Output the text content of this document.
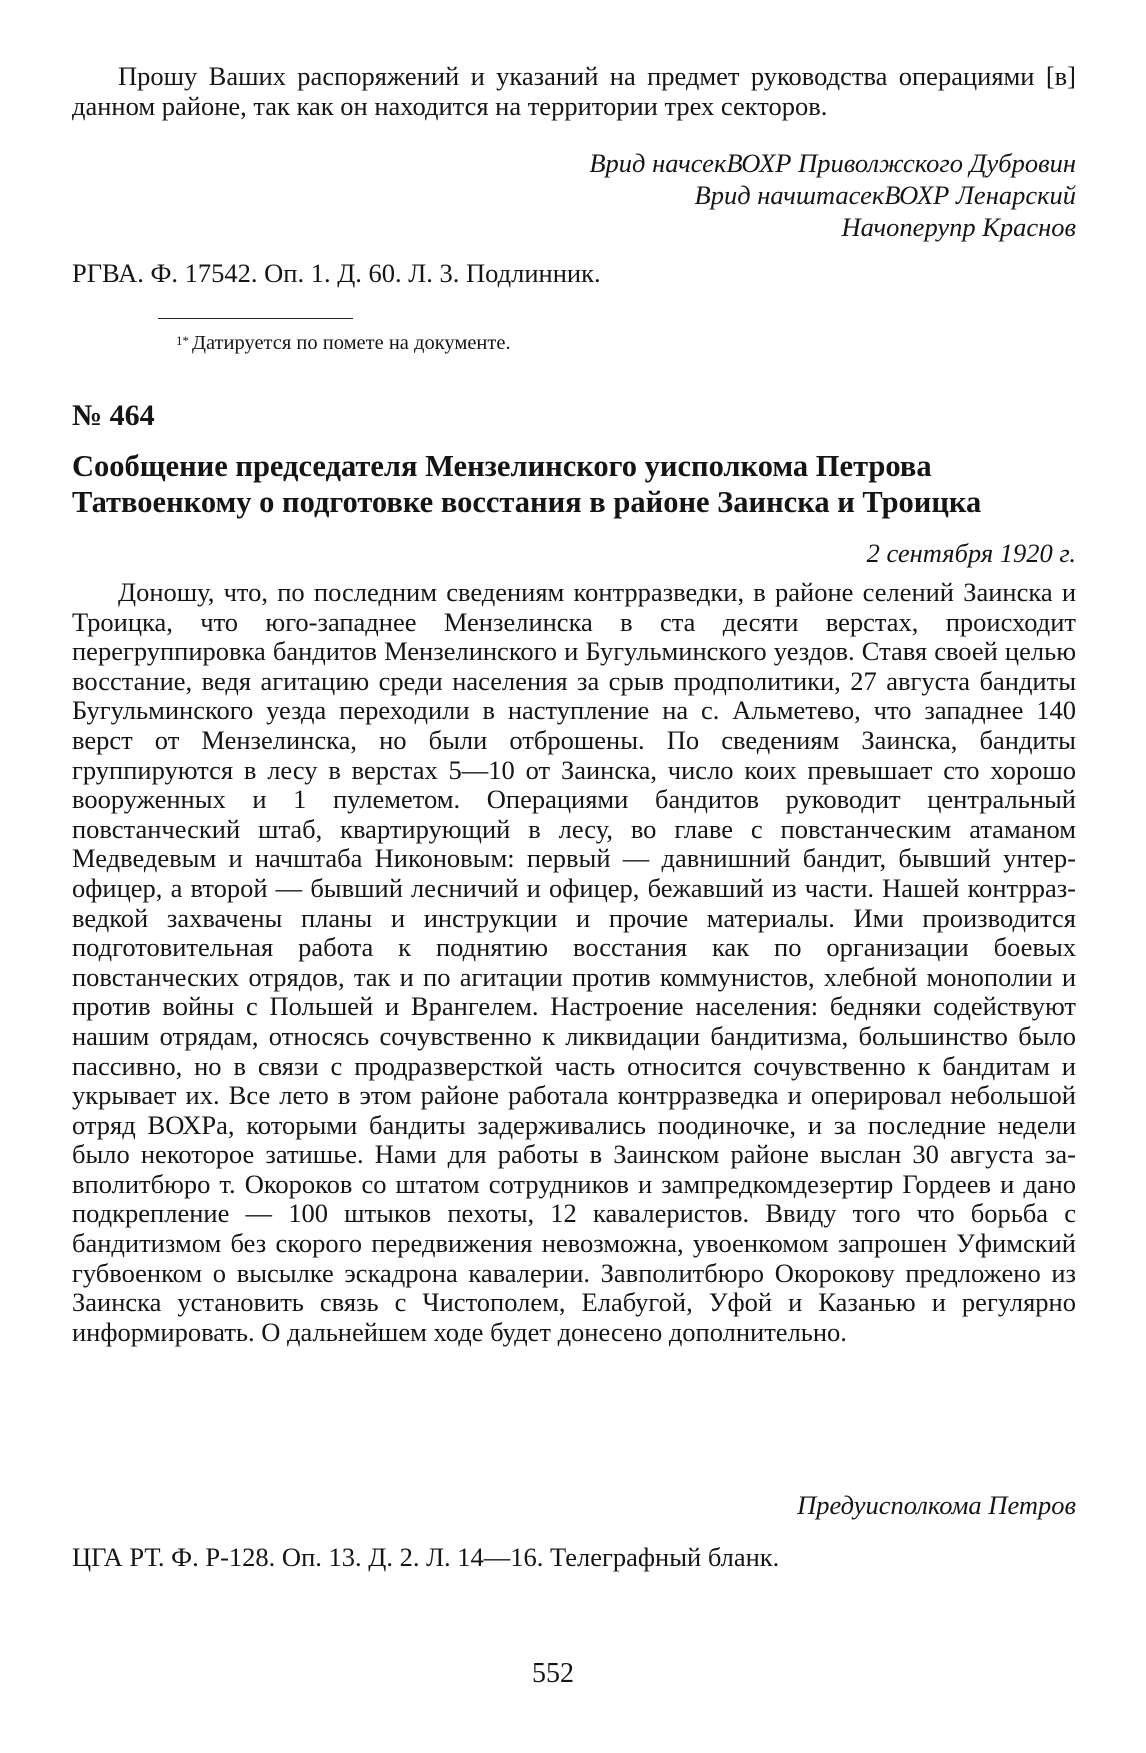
Прошу Ваших распоряжений и указаний на предмет руководства операциями [в] данном районе, так как он находится на территории трех секторов.

Врид начсекВОХР Приволжского Дубровин
Врид начштасекВОХР Ленарский
Начоперупр Краснов
РГВА. Ф. 17542. Оп. 1. Д. 60. Л. 3. Подлинник.
$^{1*}$ Датируется по помете на документе.
№ 464
Сообщение председателя Мензелинского уисполкома Петрова
Татвоенкому о подготовке восстания в районе Заинска и Троицка
2 сентября 1920 г.

Доношу, что, по последним сведениям контрразведки, в районе селений Заинска и Троицка, что юго-западнее Мензелинска в ста десяти верстах, происходит перегруппировка бандитов Мензелинского и Бугульминского уездов. Ставя своей целью восстание, ведя агитацию среди населения за срыв продполитики, 27 августа бандиты Бугульминского уезда переходили в наступление на с. Альметево, что западнее 140 верст от Мензелинска, но были отброшены. По сведениям Заинска, бандиты группируются в лесу в верстах 5—10 от Заинска, число коих превышает сто хорошо вооруженных и 1 пулеметом. Операциями бандитов руководит центральный повстанческий штаб, квартирующий в лесу, во главе с повстанческим атаманом Медведевым и начштаба Никоновым: первый — давнишний бандит, бывший унтер-офицер, а второй — бывший лесничий и офицер, бежавший из части. Нашей контрразведкой захвачены планы и инструкции и прочие материалы. Ими производится подготовительная работа к поднятию восстания как по организации боевых повстанческих отрядов, так и по агитации против коммунистов, хлебной монополии и против войны с Польшей и Врангелем. Настроение населения: бедняки содействуют нашим отрядам, относясь сочувственно к ликвидации бандитизма, большинство было пассивно, но в связи с продразверсткой часть относится сочувственно к бандитам и укрывает их. Все лето в этом районе работала контрразведка и оперировал небольшой отряд ВОХРа, которыми бандиты задерживались поодиночке, и за последние недели было некоторое затишье. Нами для работы в Заинском районе выслан 30 августа завполитбюро т. Окороков со штатом сотрудников и зампредкомдезертир Гордеев и дано подкрепление — 100 штыков пехоты, 12 кавалеристов. Ввиду того что борьба с бандитизмом без скорого передвижения невозможна, увоенкомом запрошен Уфимский губвоенком о высылке эскадрона кавалерии. Завполитбюро Окорокову предложено из Заинска установить связь с Чистополем, Елабугой, Уфой и Казанью и регулярно информировать. О дальнейшем ходе будет донесено дополнительно.

Предуисполкома Петров
ЦГА РТ. Ф. Р-128. Оп. 13. Д. 2. Л. 14—16. Телеграфный бланк.
552
